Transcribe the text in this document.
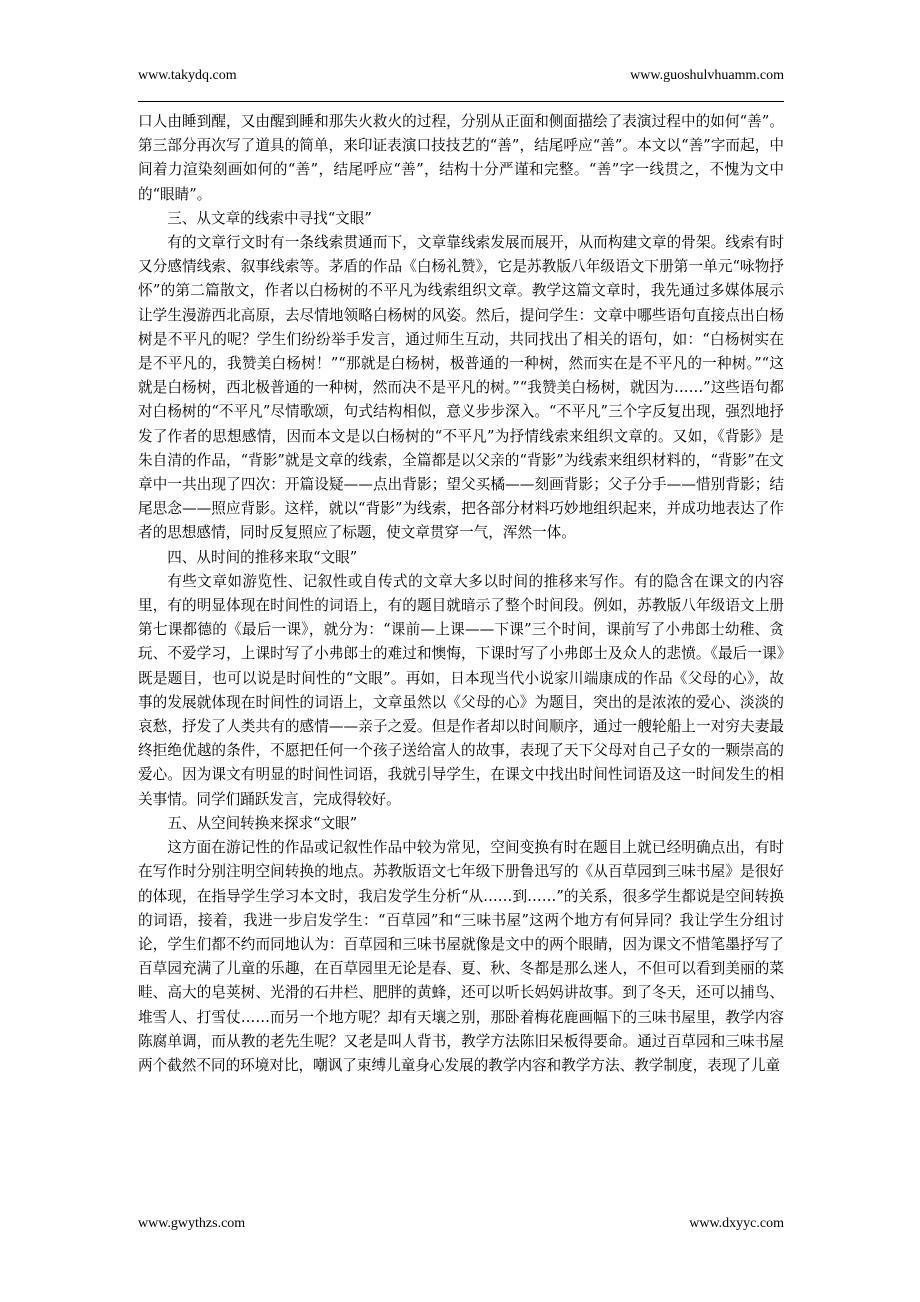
www.takydq.com	www.guoshulvhuamm.com

口人由睡到醒，又由醒到睡和那失火救火的过程，分别从正面和侧面描绘了表演过程中的如何“善”。第三部分再次写了道具的简单，来印证表演口技技艺的“善”，结尾呼应“善”。本文以“善”字而起，中间着力渲染刻画如何的“善”，结尾呼应“善”，结构十分严谨和完整。“善”字一线贯之，不愧为文中的“眼睛”。

三、从文章的线索中寻找“文眼”

有的文章行文时有一条线索贯通而下，文章靠线索发展而展开，从而构建文章的骨架。线索有时又分感情线索、叙事线索等。茅盾的作品《白杨礼赞》，它是苏教版八年级语文下册第一单元“咏物抒怀”的第二篇散文，作者以白杨树的不平凡为线索组织文章。教学这篇文章时，我先通过多媒体展示让学生漫游西北高原，去尽情地领略白杨树的风姿。然后，提问学生：文章中哪些语句直接点出白杨树是不平凡的呢？学生们纷纷举手发言，通过师生互动，共同找出了相关的语句，如：“白杨树实在是不平凡的，我赞美白杨树！”“那就是白杨树，极普通的一种树，然而实在是不平凡的一种树。”“这就是白杨树，西北极普通的一种树，然而决不是平凡的树。”“我赞美白杨树，就因为……”这些语句都对白杨树的“不平凡”尽情歌颂，句式结构相似，意义步步深入。“不平凡”三个字反复出现，强烈地抒发了作者的思想感情，因而本文是以白杨树的“不平凡”为抒情线索来组织文章的。又如，《背影》是朱自清的作品，“背影”就是文章的线索，全篇都是以父亲的“背影”为线索来组织材料的，“背影”在文章中一共出现了四次：开篇设疑——点出背影；望父买橘——刻画背影；父子分手——惜别背影；结尾思念——照应背影。这样，就以“背影”为线索，把各部分材料巧妙地组织起来，并成功地表达了作者的思想感情，同时反复照应了标题，使文章贯穿一气，浑然一体。

四、从时间的推移来取“文眼”

有些文章如游览性、记叙性或自传式的文章大多以时间的推移来写作。有的隐含在课文的内容里，有的明显体现在时间性的词语上，有的题目就暗示了整个时间段。例如，苏教版八年级语文上册第七课都德的《最后一课》，就分为：“课前—上课——下课”三个时间，课前写了小弗郎士幼稚、贪玩、不爱学习，上课时写了小弗郎士的难过和懊悔，下课时写了小弗郎士及众人的悲愤。《最后一课》既是题目，也可以说是时间性的“文眼”。再如，日本现当代小说家川端康成的作品《父母的心》，故事的发展就体现在时间性的词语上，文章虽然以《父母的心》为题目，突出的是浓浓的爱心、淡淡的哀愁，抒发了人类共有的感情——亲子之爱。但是作者却以时间顺序，通过一艘轮船上一对穷夫妻最终拒绝优越的条件，不愿把任何一个孩子送给富人的故事，表现了天下父母对自己子女的一颗崇高的爱心。因为课文有明显的时间性词语，我就引导学生，在课文中找出时间性词语及这一时间发生的相关事情。同学们踊跃发言，完成得较好。

五、从空间转换来探求“文眼”

这方面在游记性的作品或记叙性作品中较为常见，空间变换有时在题目上就已经明确点出，有时在写作时分别注明空间转换的地点。苏教版语文七年级下册鲁迅写的《从百草园到三味书屋》是很好的体现，在指导学生学习本文时，我启发学生分析“从……到……”的关系，很多学生都说是空间转换的词语，接着，我进一步启发学生：“百草园”和“三味书屋”这两个地方有何异同？我让学生分组讨论，学生们都不约而同地认为：百草园和三味书屋就像是文中的两个眼睛，因为课文不惜笔墨抒写了百草园充满了儿童的乐趣，在百草园里无论是春、夏、秋、冬都是那么迷人，不但可以看到美丽的菜畦、高大的皂荚树、光滑的石井栏、肥胖的黄蜂，还可以听长妈妈讲故事。到了冬天，还可以捕鸟、堆雪人、打雪仗……而另一个地方呢？却有天壤之别，那卧着梅花鹿画幅下的三味书屋里，教学内容陈腐单调，而从教的老先生呢？又老是叫人背书，教学方法陈旧呆板得要命。通过百草园和三味书屋两个截然不同的环境对比，嘲讽了束缚儿童身心发展的教学内容和教学方法、教学制度，表现了儿童

www.gwythzs.com	www.dxyyc.com
